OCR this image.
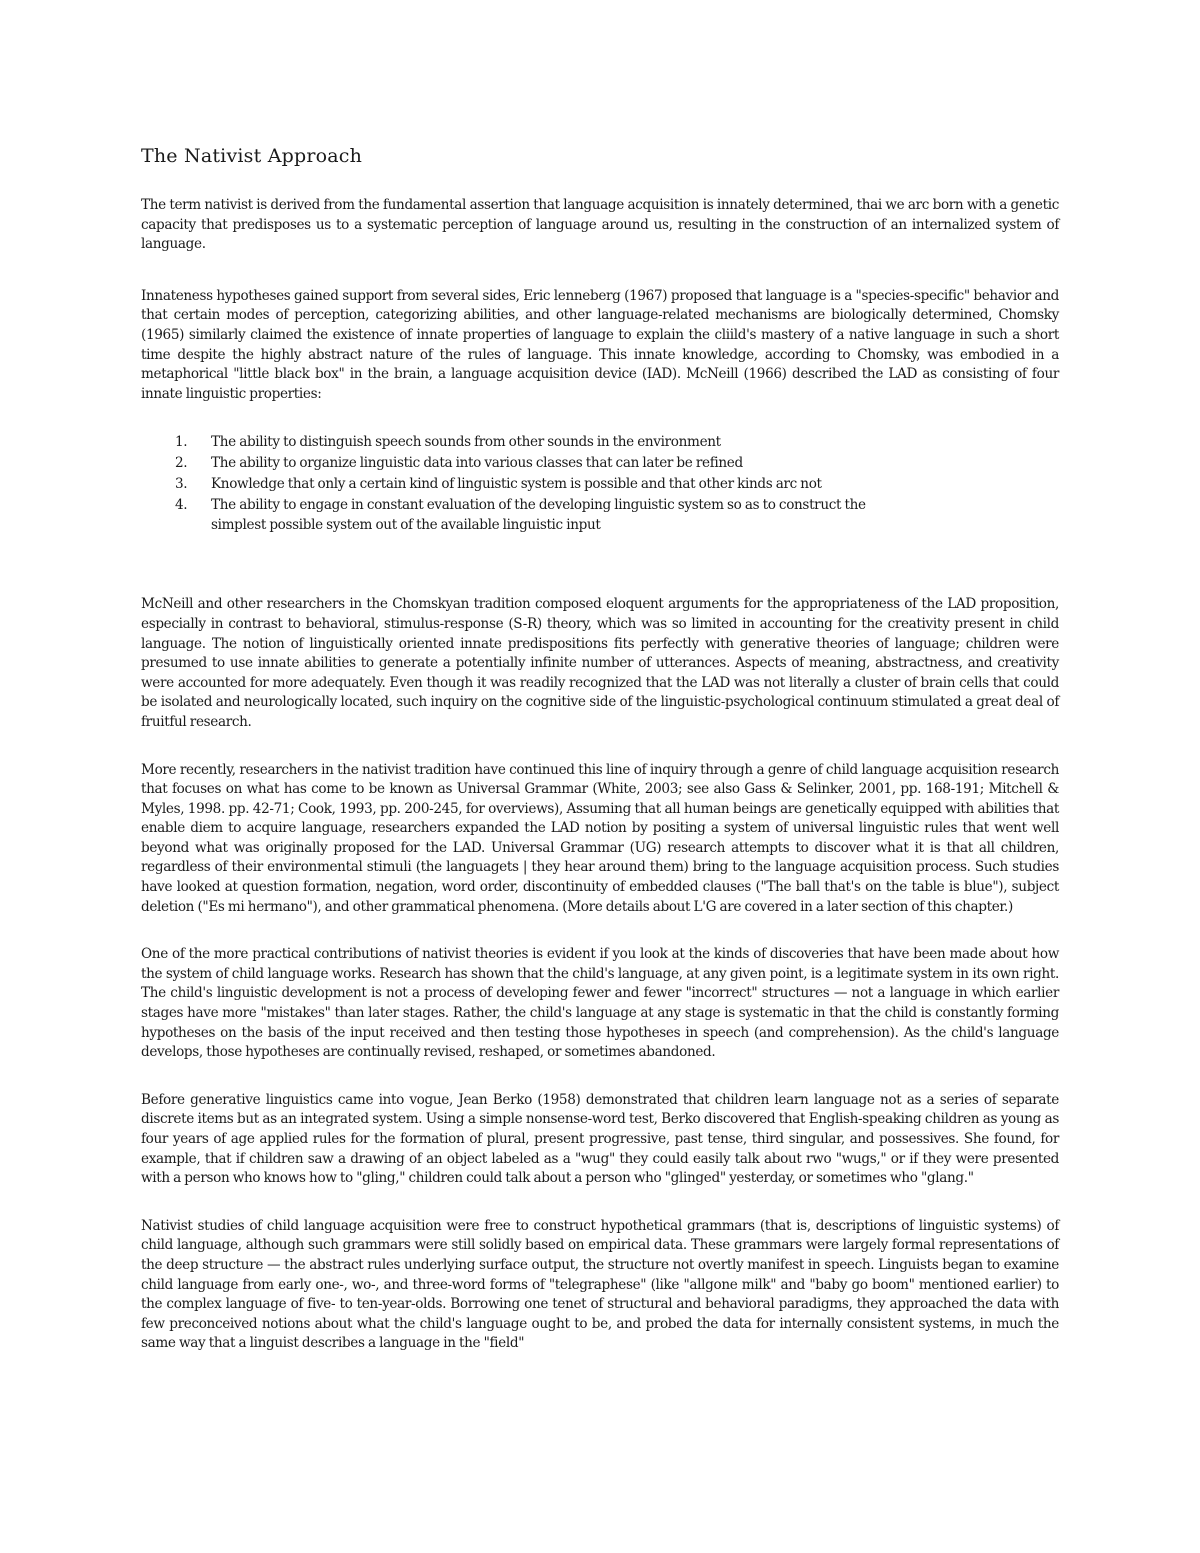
The Nativist Approach

The term nativist is derived from the fundamental assertion that language acquisition is innately determined, thai we arc born with a genetic capacity that predisposes us to a systematic perception of language around us, resulting in the construction of an internalized system of language.

Innateness hypotheses gained support from several sides, Eric lenneberg (1967) proposed that language is a "species-specific" behavior and that certain modes of perception, categorizing abilities, and other language-related mechanisms are biologically determined, Chomsky (1965) similarly claimed the existence of innate properties of language to explain the cliild's mastery of a native language in such a short time despite the highly abstract nature of the rules of language. This innate knowledge, according to Chomsky, was embodied in a metaphorical "little black box" in the brain, a language acquisition device (IAD). McNeill (1966) described the LAD as consisting of four innate linguistic properties:

1. The ability to distinguish speech sounds from other sounds in the environment
2. The ability to organize linguistic data into various classes that can later be refined
3. Knowledge that only a certain kind of linguistic system is possible and that other kinds arc not
4. The ability to engage in constant evaluation of the developing linguistic system so as to construct the simplest possible system out of the available linguistic input

McNeill and other researchers in the Chomskyan tradition composed eloquent arguments for the appropriateness of the LAD proposition, especially in contrast to behavioral, stimulus-response (S-R) theory, which was so limited in accounting for the creativity present in child language. The notion of linguistically oriented innate predispositions fits perfectly with generative theories of language; children were presumed to use innate abilities to generate a potentially infinite number of utterances. Aspects of meaning, abstractness, and creativity were accounted for more adequately. Even though it was readily recognized that the LAD was not literally a cluster of brain cells that could be isolated and neurologically located, such inquiry on the cognitive side of the linguistic-psychological continuum stimulated a great deal of fruitful research.

More recently, researchers in the nativist tradition have continued this line of inquiry through a genre of child language acquisition research that focuses on what has come to be known as Universal Grammar (White, 2003; see also Gass & Selinker, 2001, pp. 168-191; Mitchell & Myles, 1998. pp. 42-71; Cook, 1993, pp. 200-245, for overviews), Assuming that all human beings are genetically equipped with abilities that enable diem to acquire language, researchers expanded the LAD notion by positing a system of universal linguistic rules that went well beyond what was originally proposed for the LAD. Universal Grammar (UG) research attempts to discover what it is that all children, regardless of their environmental stimuli (the languagets | they hear around them) bring to the language acquisition process. Such studies have looked at question formation, negation, word order, discontinuity of embedded clauses ("The ball that's on the table is blue"), subject deletion ("Es mi hermano"), and other grammatical phenomena. (More details about L'G are covered in a later section of this chapter.)

One of the more practical contributions of nativist theories is evident if you look at the kinds of discoveries that have been made about how the system of child language works. Research has shown that the child's language, at any given point, is a legitimate system in its own right. The child's linguistic development is not a process of developing fewer and fewer "incorrect" structures — not a language in which earlier stages have more "mistakes" than later stages. Rather, the child's language at any stage is systematic in that the child is constantly forming hypotheses on the basis of the input received and then testing those hypotheses in speech (and comprehension). As the child's language develops, those hypotheses are continually revised, reshaped, or sometimes abandoned.

Before generative linguistics came into vogue, Jean Berko (1958) demonstrated that children learn language not as a series of separate discrete items but as an integrated system. Using a simple nonsense-word test, Berko discovered that English-speaking children as young as four years of age applied rules for the formation of plural, present progressive, past tense, third singular, and possessives. She found, for example, that if children saw a drawing of an object labeled as a "wug" they could easily talk about rwo "wugs," or if they were presented with a person who knows how to "gling," children could talk about a person who "glinged" yesterday, or sometimes who "glang."

Nativist studies of child language acquisition were free to construct hypothetical grammars (that is, descriptions of linguistic systems) of child language, although such grammars were still solidly based on empirical data. These grammars were largely formal representations of the deep structure — the abstract rules underlying surface output, the structure not overtly manifest in speech. Linguists began to examine child language from early one-, wo-, and three-word forms of "telegraphese" (like "allgone milk" and "baby go boom" mentioned earlier) to the complex language of five- to ten-year-olds. Borrowing one tenet of structural and behavioral paradigms, they approached the data with few preconceived notions about what the child's language ought to be, and probed the data for internally consistent systems, in much the same way that a linguist describes a language in the "field"
